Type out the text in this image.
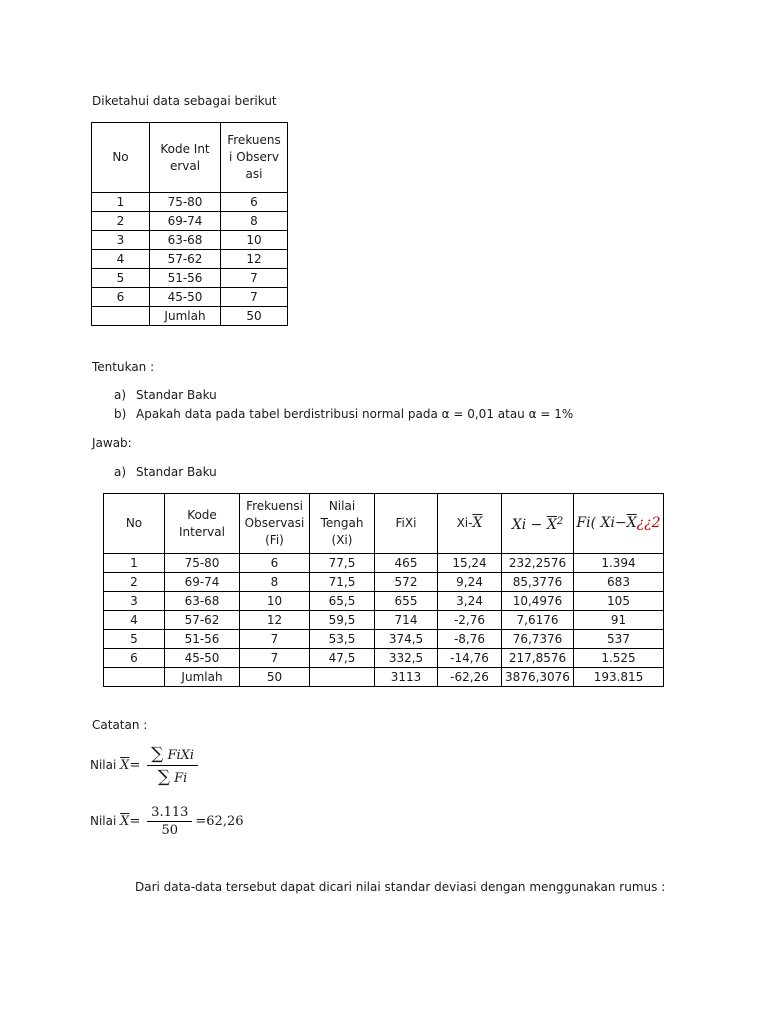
Diketahui data sebagai berikut
No	Kode Interval	Frekuensi Observasi
1	75-80	6
2	69-74	8
3	63-68	10
4	57-62	12
5	51-56	7
6	45-50	7
	Jumlah	50
Tentukan :
a) Standar Baku
b) Apakah data pada tabel berdistribusi normal pada α = 0,01 atau α = 1%
Jawab:
a) Standar Baku
No	Kode Interval	Frekuensi Observasi (Fi)	Nilai Tengah (Xi)	FiXi	$Xi-\overline{X}$	$Xi - \overline{X}^2$	Fi( $Xi-\overline{X}¿¿2$
1	75-80	6	77,5	465	15,24	232,2576	1.394
2	69-74	8	71,5	572	9,24	85,3776	683
3	63-68	10	65,5	655	3,24	10,4976	105
4	57-62	12	59,5	714	-2,76	7,6176	91
5	51-56	7	53,5	374,5	-8,76	76,7376	537
6	45-50	7	47,5	332,5	-14,76	217,8576	1.525
	Jumlah	50		3113	-62,26	3876,3076	193.815
Catatan :
Nilai $\overline{X}= \frac{\text{∑ FiXi}}{\sum Fi}$
Nilai $\overline{X}= \frac{3.113}{50} =62,26$
Dari data-data tersebut dapat dicari nilai standar deviasi dengan menggunakan rumus :
